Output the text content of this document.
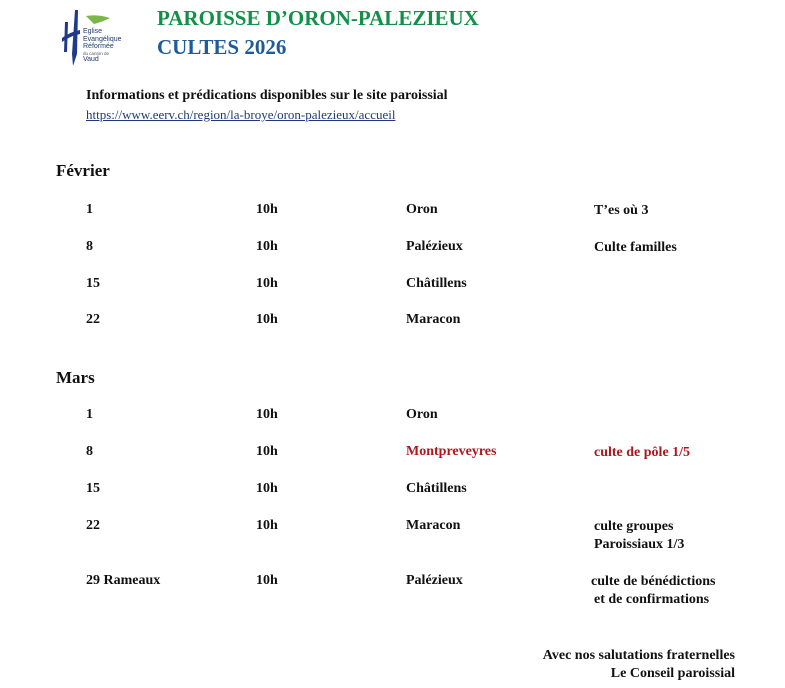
Eglise
Evangélique
Réformée
du canton de
Vaud
PAROISSE D’ORON-PALEZIEUX
CULTES 2026
Informations et prédications disponibles sur le site paroissial
https://www.eerv.ch/region/la-broye/oron-palezieux/accueil
Février
1	10h	Oron	T’es où 3
8	10h	Palézieux	Culte familles
15	10h	Châtillens
22	10h	Maracon
Mars
1	10h	Oron
8	10h	Montpreveyres	culte de pôle 1/5
15	10h	Châtillens
22	10h	Maracon	culte groupes
Paroissiaux 1/3
29 Rameaux	10h	Palézieux	culte de bénédictions
et de confirmations
Avec nos salutations fraternelles
Le Conseil paroissial
